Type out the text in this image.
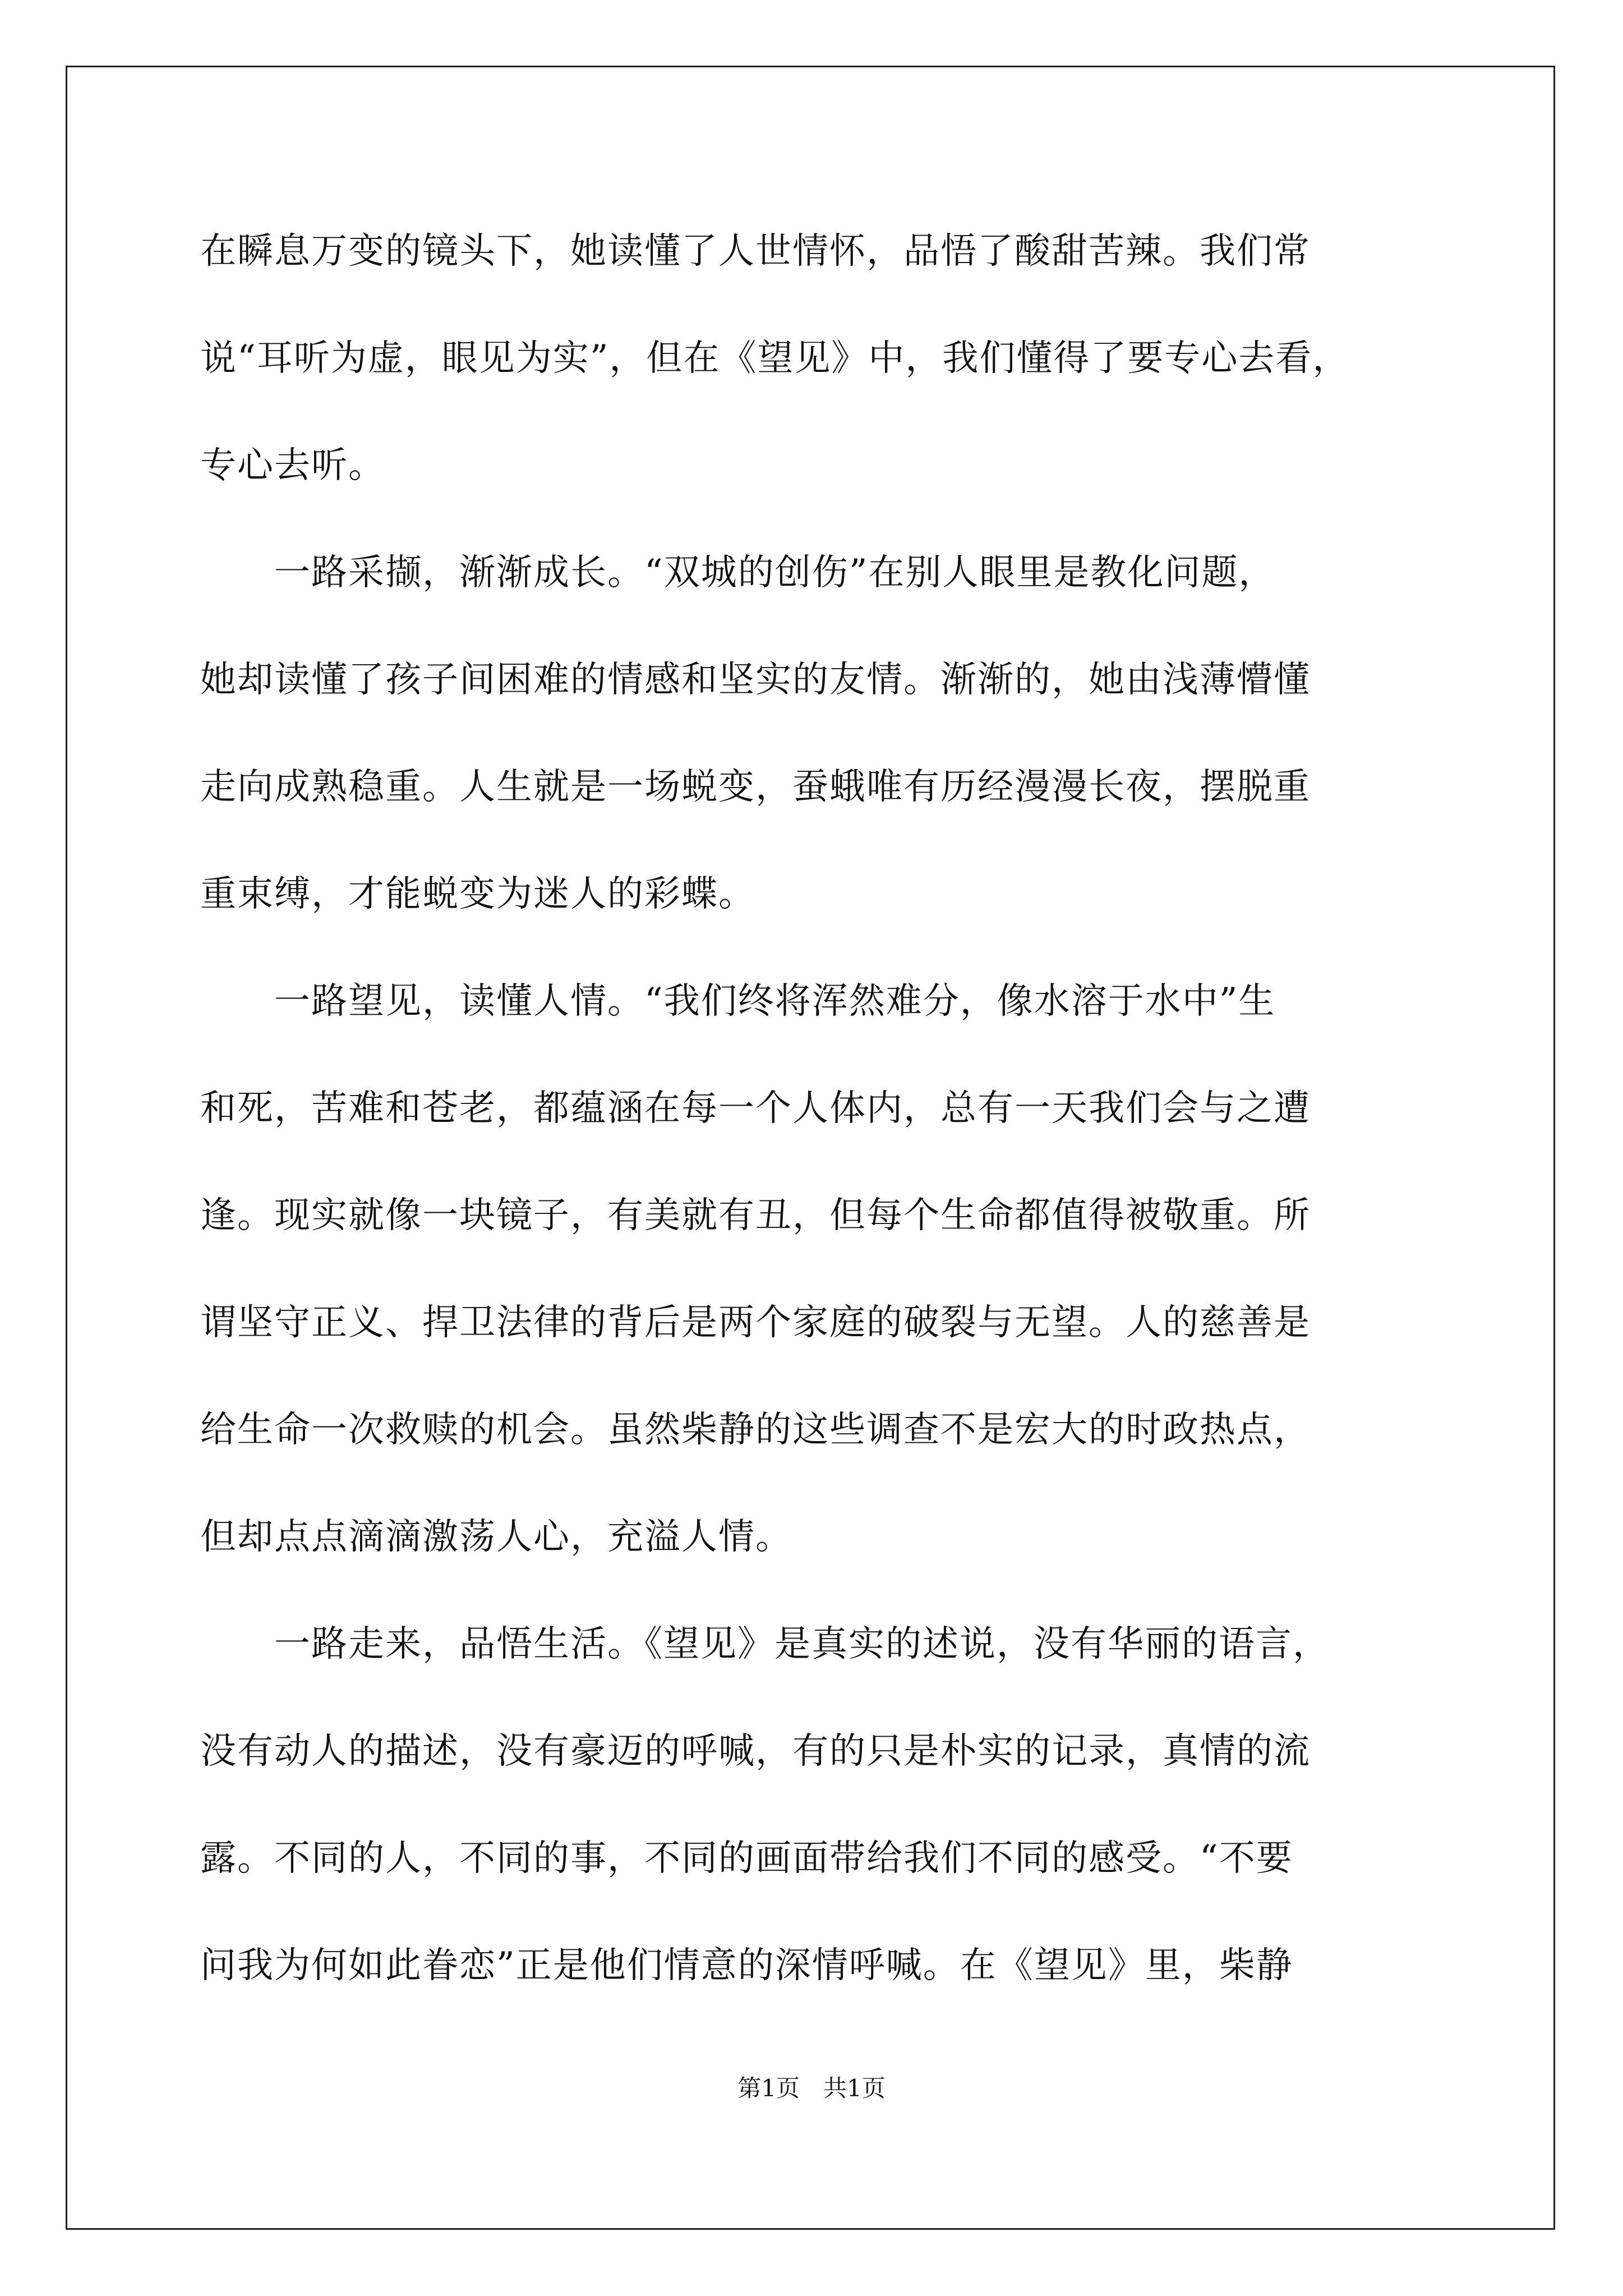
在瞬息万变的镜头下，她读懂了人世情怀，品悟了酸甜苦辣。我们常
说“耳听为虚，眼见为实”，但在《望见》中，我们懂得了要专心去看，
专心去听。
　　一路采撷，渐渐成长。“双城的创伤”在别人眼里是教化问题，
她却读懂了孩子间困难的情感和坚实的友情。渐渐的，她由浅薄懵懂
走向成熟稳重。人生就是一场蜕变，蚕蛾唯有历经漫漫长夜，摆脱重
重束缚，才能蜕变为迷人的彩蝶。
　　一路望见，读懂人情。“我们终将浑然难分，像水溶于水中”生
和死，苦难和苍老，都蕴涵在每一个人体内，总有一天我们会与之遭
逢。现实就像一块镜子，有美就有丑，但每个生命都值得被敬重。所
谓坚守正义、捍卫法律的背后是两个家庭的破裂与无望。人的慈善是
给生命一次救赎的机会。虽然柴静的这些调查不是宏大的时政热点，
但却点点滴滴激荡人心，充溢人情。
　　一路走来，品悟生活。《望见》是真实的述说，没有华丽的语言，
没有动人的描述，没有豪迈的呼喊，有的只是朴实的记录，真情的流
露。不同的人，不同的事，不同的画面带给我们不同的感受。“不要
问我为何如此眷恋”正是他们情意的深情呼喊。在《望见》里，柴静
第1页　共1页
